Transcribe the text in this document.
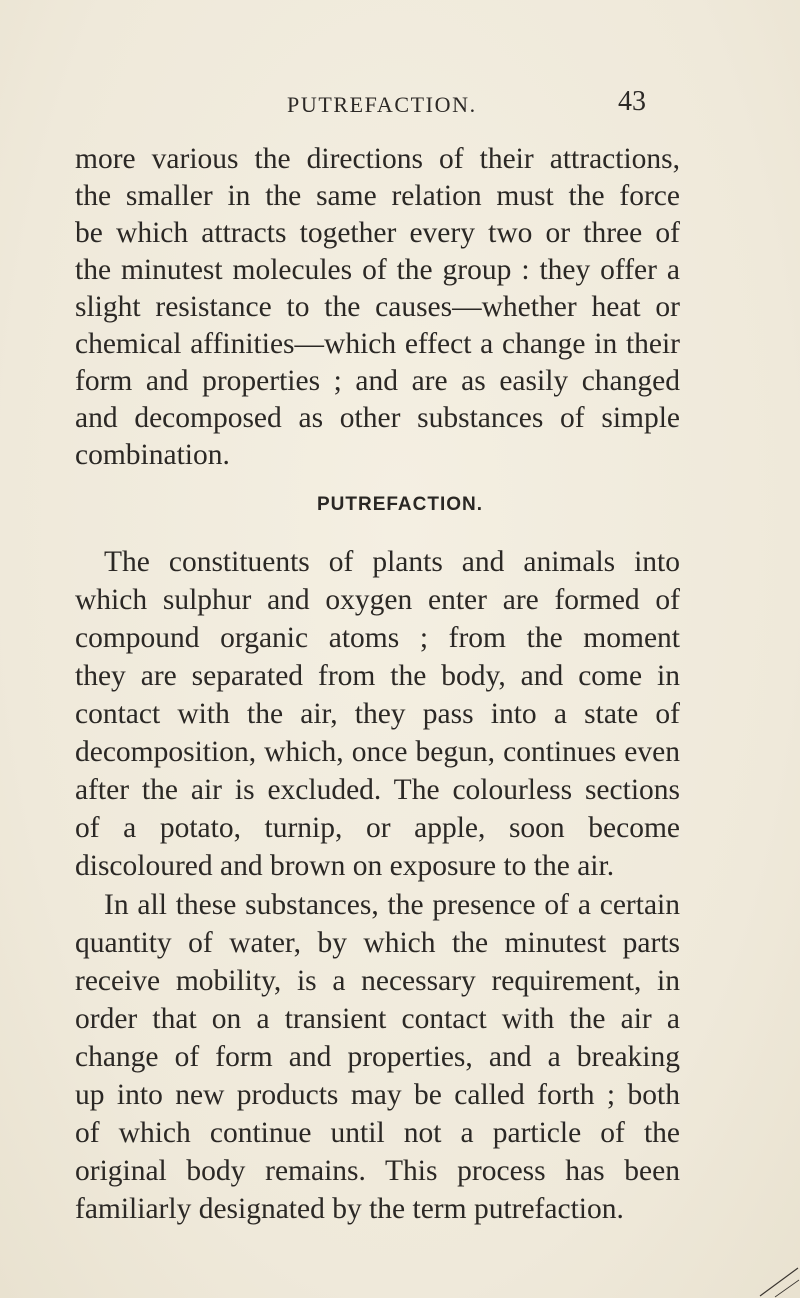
PUTREFACTION.	43
more various the directions of their attractions,
the smaller in the same relation must the force
be which attracts together every two or three of
the minutest molecules of the group : they offer a
slight resistance to the causes—whether heat or
chemical affinities—which effect a change in their
form and properties ; and are as easily changed
and decomposed as other substances of simple
combination.
PUTREFACTION.
The constituents of plants and animals into
which sulphur and oxygen enter are formed of
compound organic atoms ; from the moment
they are separated from the body, and come in
contact with the air, they pass into a state of
decomposition, which, once begun, continues even
after the air is excluded. The colourless sections
of a potato, turnip, or apple, soon become
discoloured and brown on exposure to the air.
In all these substances, the presence of a certain
quantity of water, by which the minutest parts
receive mobility, is a necessary requirement, in
order that on a transient contact with the air a
change of form and properties, and a breaking
up into new products may be called forth ; both
of which continue until not a particle of the
original body remains. This process has been
familiarly designated by the term putrefaction.
